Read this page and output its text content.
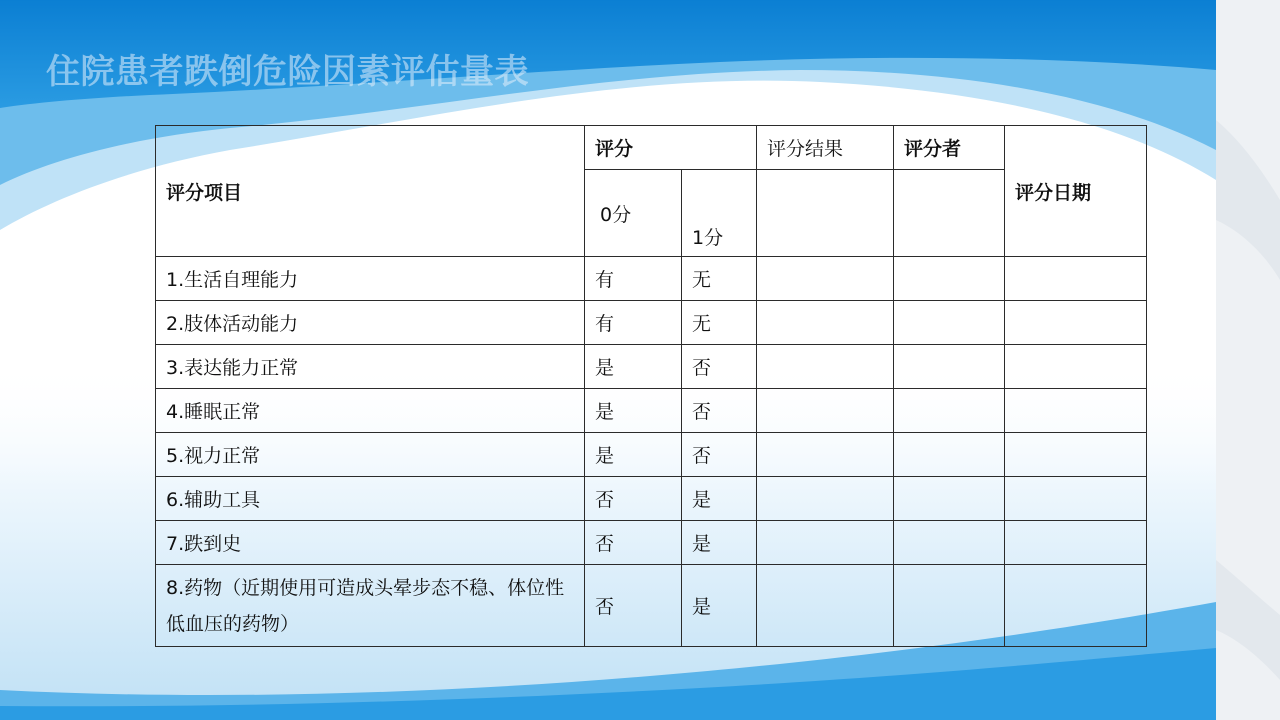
住院患者跌倒危险因素评估量表
评分项目	评分		评分结果	评分者	评分日期
	0分	1分			
1.生活自理能力	有	无			
2.肢体活动能力	有	无			
3.表达能力正常	是	否			
4.睡眠正常	是	否			
5.视力正常	是	否			
6.辅助工具	否	是			
7.跌到史	否	是			
8.药物（近期使用可造成头晕步态不稳、体位性低血压的药物）	否	是			
